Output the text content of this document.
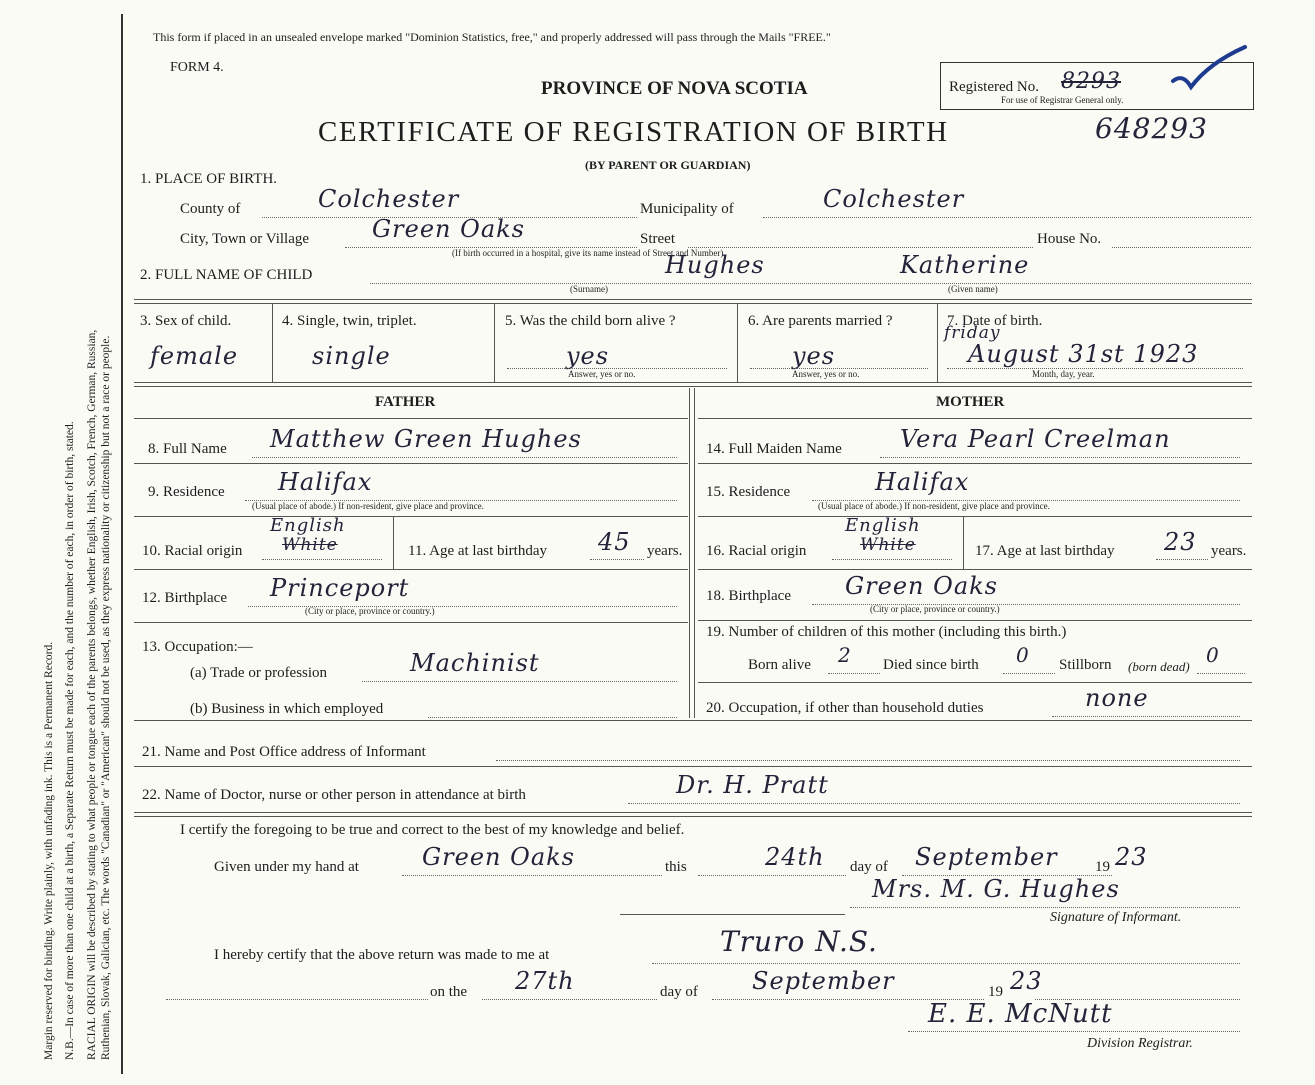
Margin reserved for binding. Write plainly, with unfading ink. This is a Permanent Record. N.B.—In case of more than one child at a birth, a Separate Return must be made for each, and the number of each, in order of birth, stated. RACIAL ORIGIN will be described by stating to what people or tongue each of the parents belongs, whether English, Irish, Scotch, French, German, Russian, Ruthenian, Slovak, Galician, etc. The words "Canadian" or "American" should not be used, as they express nationality or citizenship but not a race or people.
This form if placed in an unsealed envelope marked "Dominion Statistics, free," and properly addressed will pass through the Mails "FREE."
FORM 4.
PROVINCE OF NOVA SCOTIA
CERTIFICATE OF REGISTRATION OF BIRTH
(BY PARENT OR GUARDIAN)
648293
Registered No. 8293
For use of Registrar General only.
1. PLACE OF BIRTH.
County of	Colchester	Municipality of	Colchester
City, Town or Village	Green Oaks
(If birth occurred in a hospital, give its name instead of Street and Number)
Street	House No.
2. FULL NAME OF CHILD	Hughes	Katherine
(Surname)	(Given name)
3. Sex of child.
female
4. Single, twin, triplet.
single
5. Was the child born alive ?
yes
Answer, yes or no.
6. Are parents married ?
yes
Answer, yes or no.
7. Date of birth.
friday
August 31st 1923
Month, day, year.
FATHER
8. Full Name Matthew Green Hughes
9. Residence Halifax
(Usual place of abode.) If non-resident, give place and province.
10. Racial origin
English
White	11. Age at last birthday 45 years.
12. Birthplace Princeport
(City or place, province or country.)
13. Occupation:—
(a) Trade or profession	Machinist
(b) Business in which employed
MOTHER
14. Full Maiden Name Vera Pearl Creelman
15. Residence	Halifax
(Usual place of abode.) If non-resident, give place and province.
16. Racial origin
English
White	17. Age at last birthday 23 years.
18. Birthplace Green Oaks
(City or place, province or country.)
19. Number of children of this mother (including this birth.)
Born alive 2 Died since birth 0 Stillborn (born dead) 0
20. Occupation, if other than household duties	none
21. Name and Post Office address of Informant
22. Name of Doctor, nurse or other person in attendance at birth	Dr. H. Pratt
I certify the foregoing to be true and correct to the best of my knowledge and belief.
Given under my hand at	Green Oaks	this	24th day of September 19 23
Mrs. M. G. Hughes
Signature of Informant.
I hereby certify that the above return was made to me at	Truro N.S.
on the 27th	day of September	19 23
E. E. McNutt
Division Registrar.
